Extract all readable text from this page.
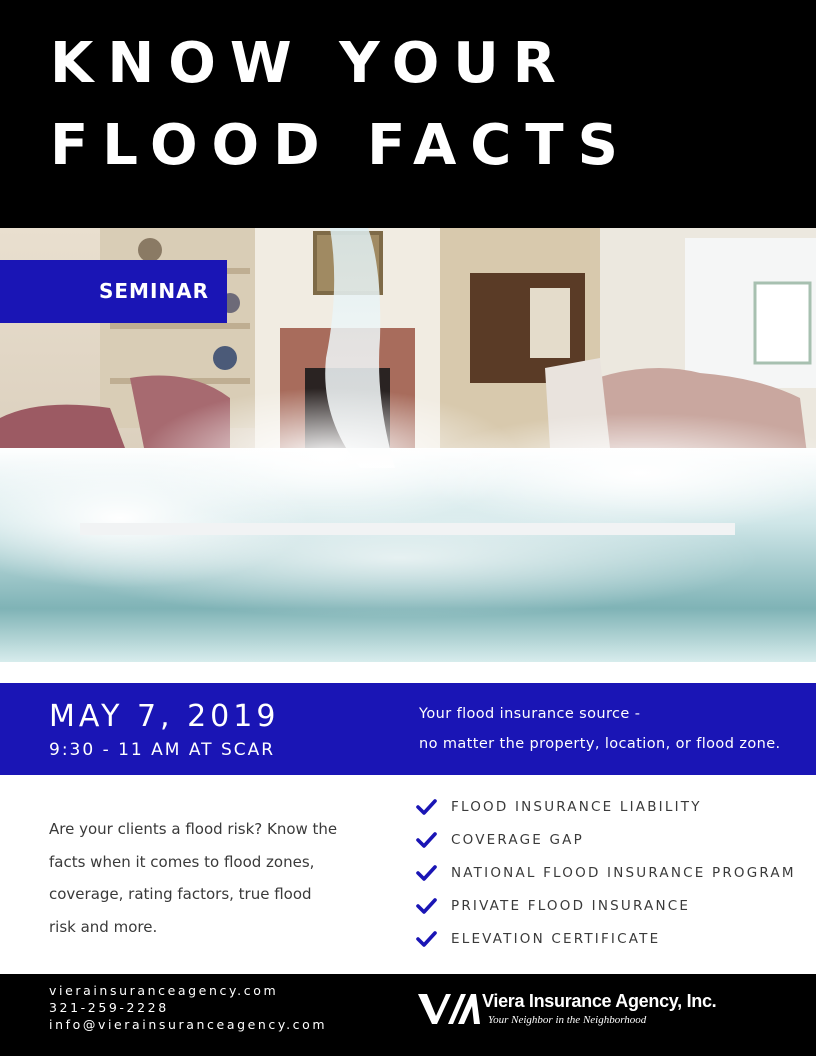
KNOW YOUR
FLOOD FACTS
SEMINAR
MAY 7, 2019
9:30 - 11 AM AT SCAR
Your flood insurance source -
no matter the property, location, or flood zone.

Are your clients a flood risk? Know the facts when it comes to flood zones, coverage, rating factors, true flood risk and more.

FLOOD INSURANCE LIABILITY
COVERAGE GAP
NATIONAL FLOOD INSURANCE PROGRAM
PRIVATE FLOOD INSURANCE
ELEVATION CERTIFICATE
vierainsuranceagency.com
321-259-2228
info@vierainsuranceagency.com
Viera Insurance Agency, Inc.
Your Neighbor in the Neighborhood
